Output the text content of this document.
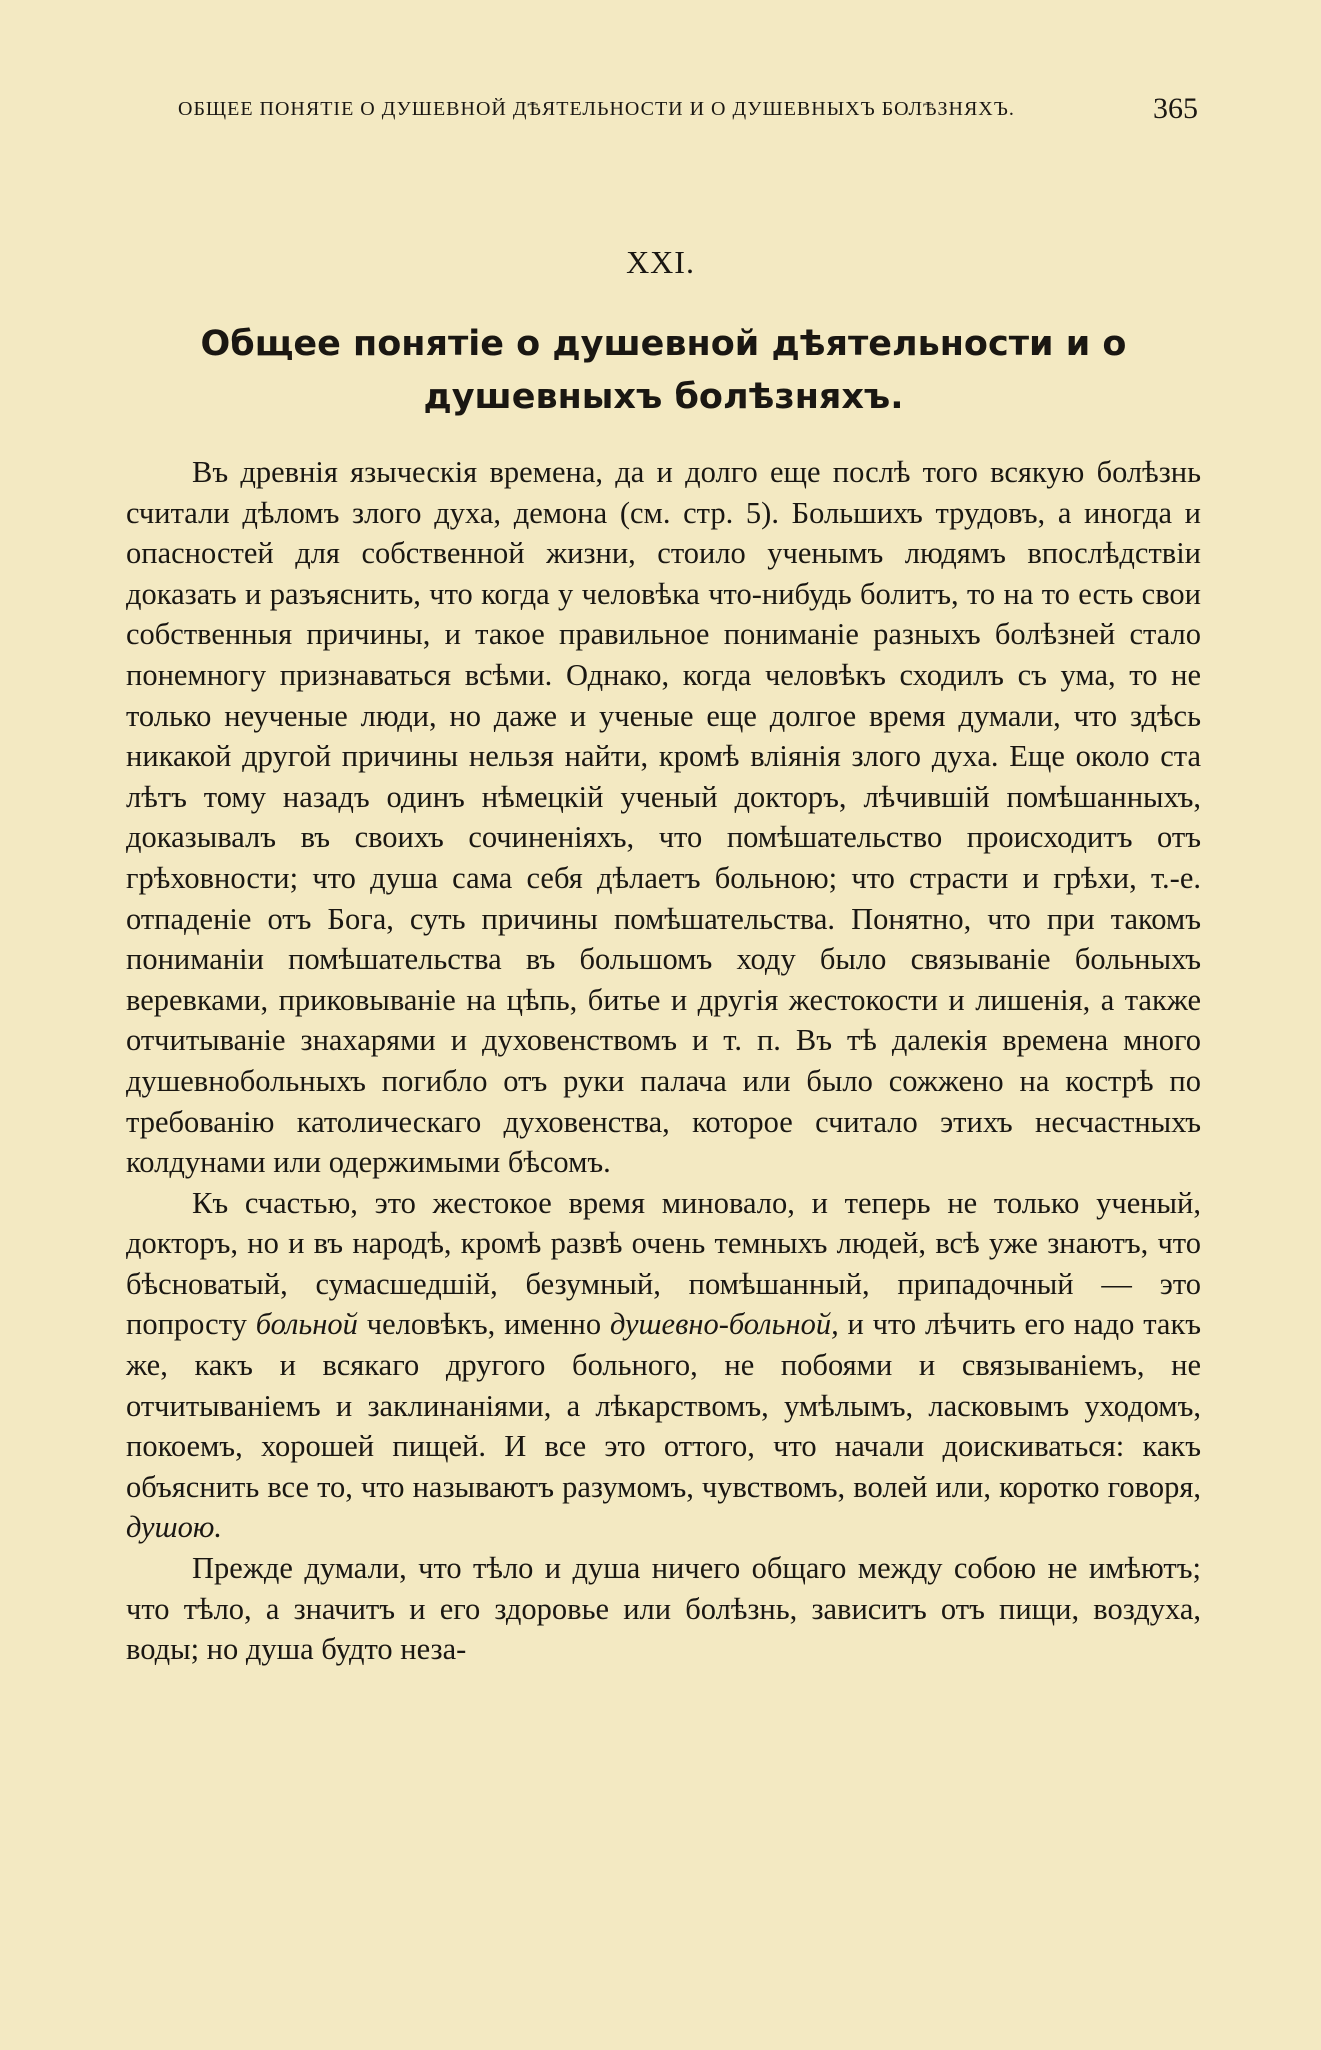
ОБЩЕЕ ПОНЯТІЕ О ДУШЕВНОЙ ДѢЯТЕЛЬНОСТИ И О ДУШЕВНЫХЪ БОЛѢЗНЯХЪ.	365
XXI.
Общее понятіе о душевной дѣятельности и о душевныхъ болѣзняхъ.

Въ древнія языческія времена, да и долго еще послѣ того всякую болѣзнь считали дѣломъ злого духа, демона (см. стр. 5). Большихъ трудовъ, а иногда и опасностей для собственной жизни, стоило ученымъ людямъ впослѣдствіи доказать и разъяснить, что когда у человѣка что-нибудь болитъ, то на то есть свои собственныя причины, и такое правильное пониманіе разныхъ болѣзней стало понемногу признаваться всѣми. Однако, когда человѣкъ сходилъ съ ума, то не только неученые люди, но даже и ученые еще долгое время думали, что здѣсь никакой другой причины нельзя найти, кромѣ вліянія злого духа. Еще около ста лѣтъ тому назадъ одинъ нѣмецкій ученый докторъ, лѣчившій помѣшанныхъ, доказывалъ въ своихъ сочиненіяхъ, что помѣшательство происходитъ отъ грѣховности; что душа сама себя дѣлаетъ больною; что страсти и грѣхи, т.-е. отпаденіе отъ Бога, суть причины помѣшательства. Понятно, что при такомъ пониманіи помѣшательства въ большомъ ходу было связываніе больныхъ веревками, приковываніе на цѣпь, битье и другія жестокости и лишенія, а также отчитываніе знахарями и духовенствомъ и т. п. Въ тѣ далекія времена много душевнобольныхъ погибло отъ руки палача или было сожжено на кострѣ по требованію католическаго духовенства, которое считало этихъ несчастныхъ колдунами или одержимыми бѣсомъ.

Къ счастью, это жестокое время миновало, и теперь не только ученый, докторъ, но и въ народѣ, кромѣ развѣ очень темныхъ людей, всѣ уже знаютъ, что бѣсноватый, сумасшедшій, безумный, помѣшанный, припадочный — это попросту больной человѣкъ, именно душевно-больной, и что лѣчить его надо такъ же, какъ и всякаго другого больного, не побоями и связываніемъ, не отчитываніемъ и заклинаніями, а лѣкарствомъ, умѣлымъ, ласковымъ уходомъ, покоемъ, хорошей пищей. И все это оттого, что начали доискиваться: какъ объяснить все то, что называютъ разумомъ, чувствомъ, волей или, коротко говоря, душою.

Прежде думали, что тѣло и душа ничего общаго между собою не имѣютъ; что тѣло, а значитъ и его здоровье или болѣзнь, зависитъ отъ пищи, воздуха, воды; но душа будто неза-
